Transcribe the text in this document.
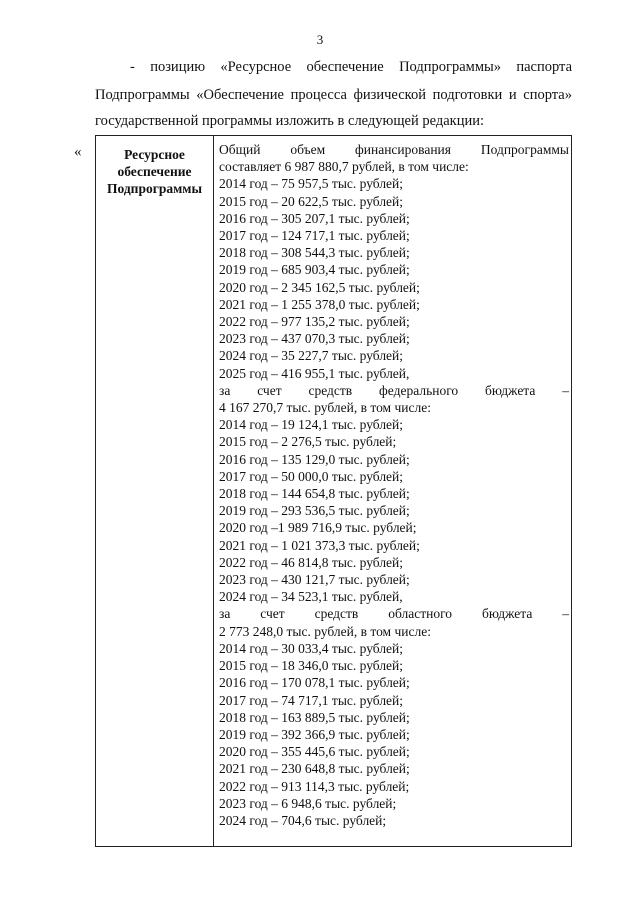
3
- позицию «Ресурсное обеспечение Подпрограммы» паспорта
Подпрограммы «Обеспечение процесса физической подготовки и спорта»
государственной программы изложить в следующей редакции:
«	Ресурсное обеспечение Подпрограммы
Общий объем финансирования Подпрограммы
составляет 6 987 880,7 рублей, в том числе:
2014 год – 75 957,5 тыс. рублей;
2015 год – 20 622,5 тыс. рублей;
2016 год – 305 207,1 тыс. рублей;
2017 год – 124 717,1 тыс. рублей;
2018 год – 308 544,3 тыс. рублей;
2019 год – 685 903,4 тыс. рублей;
2020 год – 2 345 162,5 тыс. рублей;
2021 год – 1 255 378,0 тыс. рублей;
2022 год – 977 135,2 тыс. рублей;
2023 год – 437 070,3 тыс. рублей;
2024 год – 35 227,7 тыс. рублей;
2025 год – 416 955,1 тыс. рублей,
за счет средств федерального бюджета –
4 167 270,7 тыс. рублей, в том числе:
2014 год – 19 124,1 тыс. рублей;
2015 год – 2 276,5 тыс. рублей;
2016 год – 135 129,0 тыс. рублей;
2017 год – 50 000,0 тыс. рублей;
2018 год – 144 654,8 тыс. рублей;
2019 год – 293 536,5 тыс. рублей;
2020 год –1 989 716,9 тыс. рублей;
2021 год – 1 021 373,3 тыс. рублей;
2022 год – 46 814,8 тыс. рублей;
2023 год – 430 121,7 тыс. рублей;
2024 год – 34 523,1 тыс. рублей,
за счет средств областного бюджета –
2 773 248,0 тыс. рублей, в том числе:
2014 год – 30 033,4 тыс. рублей;
2015 год – 18 346,0 тыс. рублей;
2016 год – 170 078,1 тыс. рублей;
2017 год – 74 717,1 тыс. рублей;
2018 год – 163 889,5 тыс. рублей;
2019 год – 392 366,9 тыс. рублей;
2020 год – 355 445,6 тыс. рублей;
2021 год – 230 648,8 тыс. рублей;
2022 год – 913 114,3 тыс. рублей;
2023 год – 6 948,6 тыс. рублей;
2024 год – 704,6 тыс. рублей;
